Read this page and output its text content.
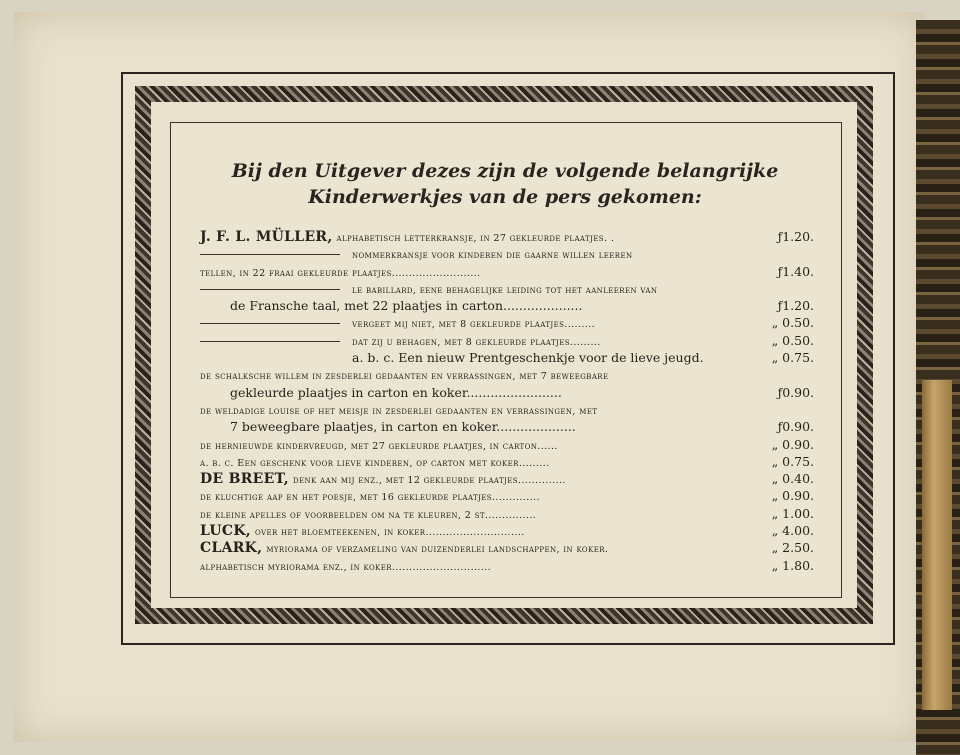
Bij den Uitgever dezes zijn de volgende belangrijke
Kinderwerkjes van de pers gekomen:
J. F. L. MÜLLER, alphabetisch letterkransje, in 27 gekleurde plaatjes. .	ƒ1.20.
nommerkransje voor kinderen die gaarne willen leeren
tellen, in 22 fraai gekleurde plaatjes..........................	ƒ1.40.
le babillard, eene behagelijke leiding tot het aanleeren van
de Fransche taal, met 22 plaatjes in carton....................	ƒ1.20.
vergeet mij niet, met 8 gekleurde plaatjes.........	„ 0.50.
dat zij u behagen, met 8 gekleurde plaatjes.........	„ 0.50.
a. b. c. Een nieuw Prentgeschenkje voor de lieve jeugd.	„ 0.75.
de schalksche willem in zesderlei gedaanten en verrassingen, met 7 beweegbare
gekleurde plaatjes in carton en koker........................	ƒ0.90.
de weldadige louise of het meisje in zesderlei gedaanten en verrassingen, met
7 beweegbare plaatjes, in carton en koker....................	ƒ0.90.
de hernieuwde kindervreugd, met 27 gekleurde plaatjes, in carton......	„ 0.90.
a. b. c. Een geschenk voor lieve kinderen, op carton met koker.........	„ 0.75.
DE BREET, denk aan mij enz., met 12 gekleurde plaatjes..............	„ 0.40.
de kluchtige aap en het poesje, met 16 gekleurde plaatjes..............	„ 0.90.
de kleine apelles of voorbeelden om na te kleuren, 2 st...............	„ 1.00.
LUCK, over het bloemteekenen, in koker.............................	„ 4.00.
CLARK, myriorama of verzameling van duizenderlei landschappen, in koker.	„ 2.50.
alphabetisch myriorama enz., in koker.............................	„ 1.80.
